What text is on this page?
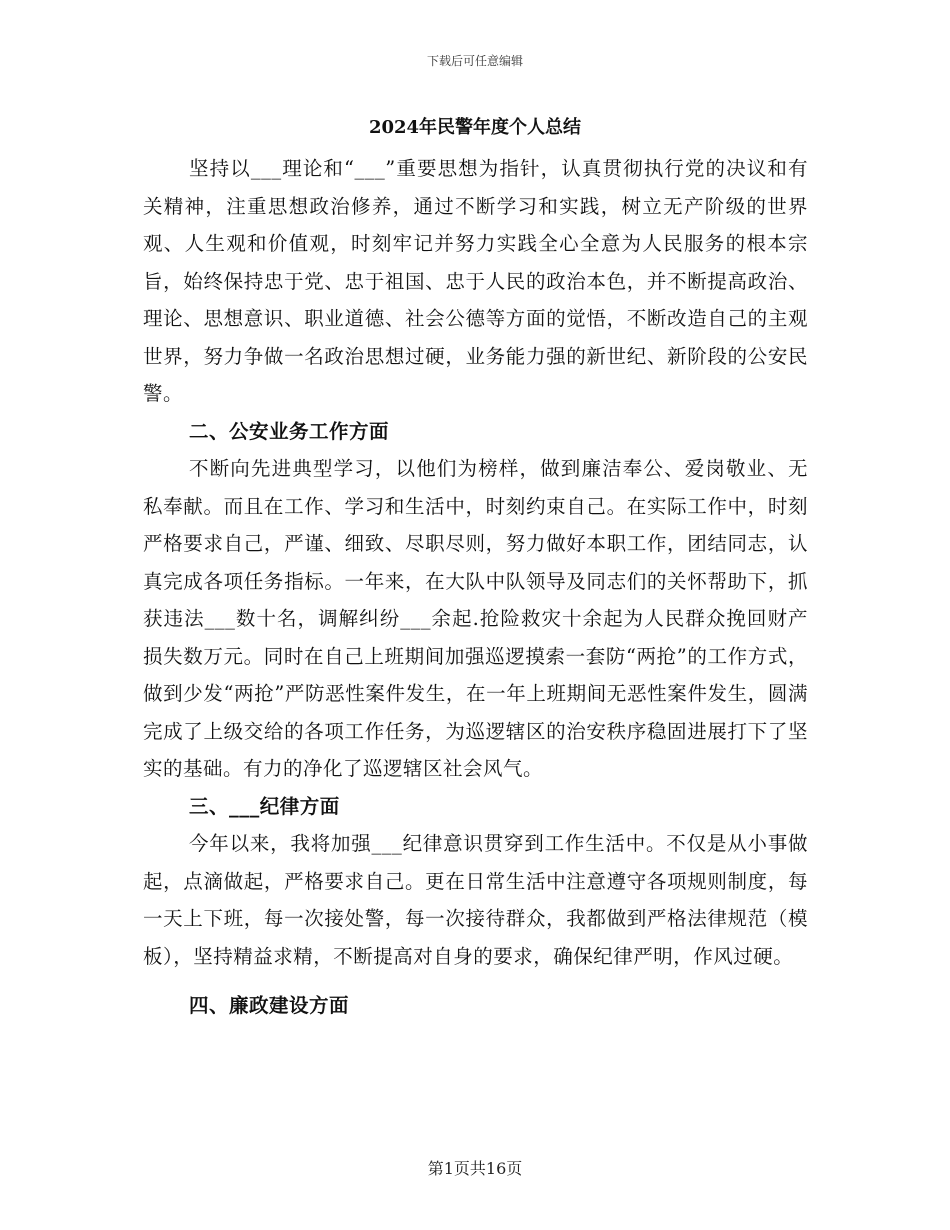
下载后可任意编辑
2024年民警年度个人总结

坚持以___理论和“___”重要思想为指针，认真贯彻执行党的决议和有关精神，注重思想政治修养，通过不断学习和实践，树立无产阶级的世界观、人生观和价值观，时刻牢记并努力实践全心全意为人民服务的根本宗旨，始终保持忠于党、忠于祖国、忠于人民的政治本色，并不断提高政治、理论、思想意识、职业道德、社会公德等方面的觉悟，不断改造自己的主观世界，努力争做一名政治思想过硬，业务能力强的新世纪、新阶段的公安民警。

二、公安业务工作方面

不断向先进典型学习，以他们为榜样，做到廉洁奉公、爱岗敬业、无私奉献。而且在工作、学习和生活中，时刻约束自己。在实际工作中，时刻严格要求自己，严谨、细致、尽职尽则，努力做好本职工作，团结同志，认真完成各项任务指标。一年来，在大队中队领导及同志们的关怀帮助下，抓获违法___数十名，调解纠纷___余起.抢险救灾十余起为人民群众挽回财产损失数万元。同时在自己上班期间加强巡逻摸索一套防“两抢”的工作方式，做到少发“两抢”严防恶性案件发生，在一年上班期间无恶性案件发生，圆满完成了上级交给的各项工作任务，为巡逻辖区的治安秩序稳固进展打下了坚实的基础。有力的净化了巡逻辖区社会风气。

三、___纪律方面

今年以来，我将加强___纪律意识贯穿到工作生活中。不仅是从小事做起，点滴做起，严格要求自己。更在日常生活中注意遵守各项规则制度，每一天上下班，每一次接处警，每一次接待群众，我都做到严格法律规范（模板），坚持精益求精，不断提高对自身的要求，确保纪律严明，作风过硬。

四、廉政建设方面

第1页共16页
